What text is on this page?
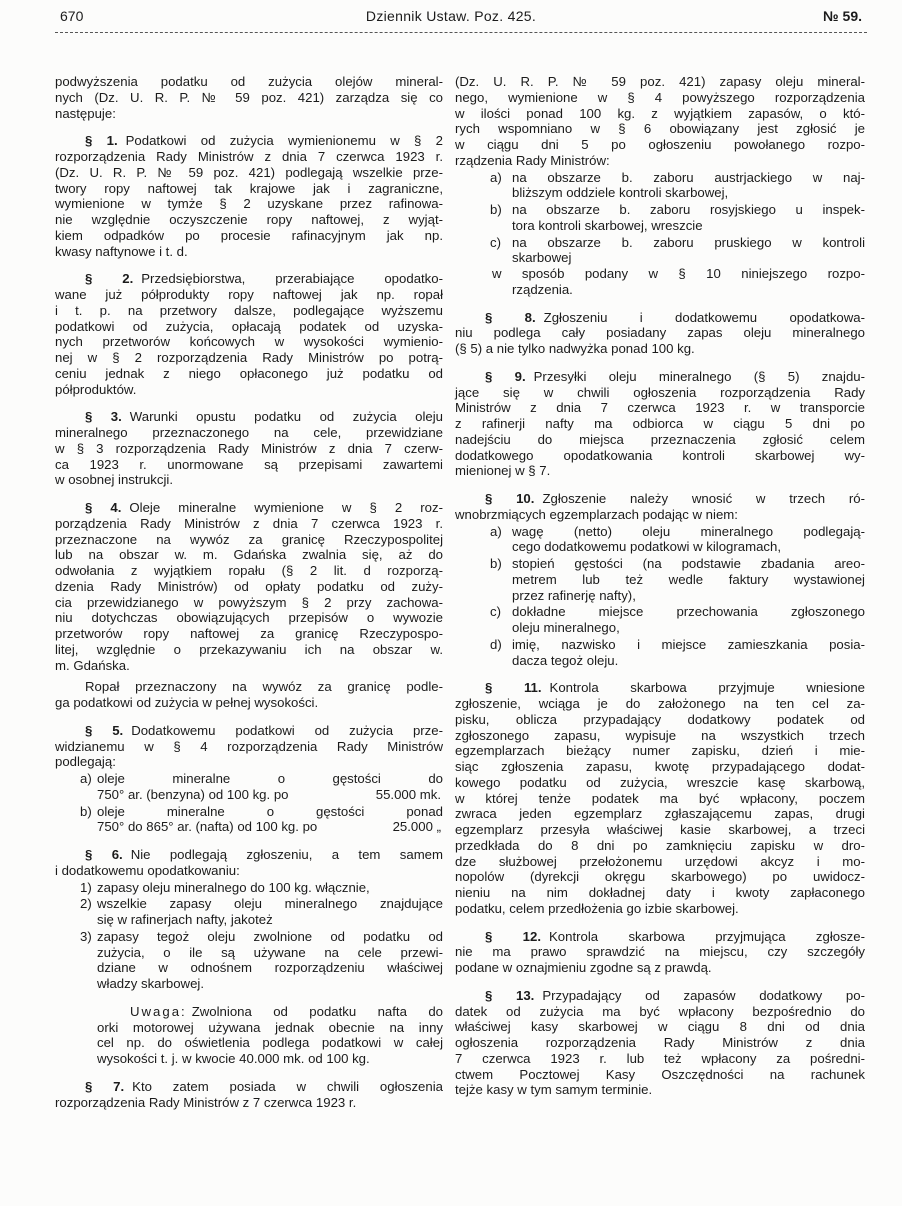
670	Dziennik Ustaw. Poz. 425.	№ 59.
podwyższenia podatku od zużycia olejów mineral-
nych (Dz. U. R. P. № 59 poz. 421) zarządza się co
następuje:
§ 1. Podatkowi od zużycia wymienionemu w § 2
rozporządzenia Rady Ministrów z dnia 7 czerwca 1923 r.
(Dz. U. R. P. № 59 poz. 421) podlegają wszelkie prze-
twory ropy naftowej tak krajowe jak i zagraniczne,
wymienione w tymże § 2 uzyskane przez rafinowa-
nie względnie oczyszczenie ropy naftowej, z wyjąt-
kiem odpadków po procesie rafinacyjnym jak np.
kwasy naftynowe i t. d.
§ 2. Przedsiębiorstwa, przerabiające opodatko-
wane już półprodukty ropy naftowej jak np. ropał
i t. p. na przetwory dalsze, podlegające wyższemu
podatkowi od zużycia, opłacają podatek od uzyska-
nych przetworów końcowych w wysokości wymienio-
nej w § 2 rozporządzenia Rady Ministrów po potrą-
ceniu jednak z niego opłaconego już podatku od
półproduktów.
§ 3. Warunki opustu podatku od zużycia oleju
mineralnego przeznaczonego na cele, przewidziane
w § 3 rozporządzenia Rady Ministrów z dnia 7 czerw-
ca 1923 r. unormowane są przepisami zawartemi
w osobnej instrukcji.
§ 4. Oleje mineralne wymienione w § 2 roz-
porządzenia Rady Ministrów z dnia 7 czerwca 1923 r.
przeznaczone na wywóz za granicę Rzeczypospolitej
lub na obszar w. m. Gdańska zwalnia się, aż do
odwołania z wyjątkiem ropału (§ 2 lit. d rozporzą-
dzenia Rady Ministrów) od opłaty podatku od zuży-
cia przewidzianego w powyższym § 2 przy zachowa-
niu dotychczas obowiązujących przepisów o wywozie
przetworów ropy naftowej za granicę Rzeczypospo-
litej, względnie o przekazywaniu ich na obszar w.
m. Gdańska.
Ropał przeznaczony na wywóz za granicę podle-
ga podatkowi od zużycia w pełnej wysokości.
§ 5. Dodatkowemu podatkowi od zużycia prze-
widzianemu w § 4 rozporządzenia Rady Ministrów
podlegają:
a) oleje mineralne o gęstości do
750° ar. (benzyna) od 100 kg. po	55.000 mk.
b) oleje mineralne o gęstości ponad
750° do 865° ar. (nafta) od 100 kg. po	25.000 „
§ 6. Nie podlegają zgłoszeniu, a tem samem
i dodatkowemu opodatkowaniu:
1) zapasy oleju mineralnego do 100 kg. włącznie,
2) wszelkie zapasy oleju mineralnego znajdujące
się w rafinerjach nafty, jakoteż
3) zapasy tegoż oleju zwolnione od podatku od
zużycia, o ile są używane na cele przewi-
dziane w odnośnem rozporządzeniu właściwej
władzy skarbowej.
Uwaga: Zwolniona od podatku nafta do
orki motorowej używana jednak obecnie na inny
cel np. do oświetlenia podlega podatkowi w całej
wysokości t. j. w kwocie 40.000 mk. od 100 kg.
§ 7. Kto zatem posiada w chwili ogłoszenia
rozporządzenia Rady Ministrów z 7 czerwca 1923 r.
(Dz. U. R. P. № 59 poz. 421) zapasy oleju mineral-
nego, wymienione w § 4 powyższego rozporządzenia
w ilości ponad 100 kg. z wyjątkiem zapasów, o któ-
rych wspomniano w § 6 obowiązany jest zgłosić je
w ciągu dni 5 po ogłoszeniu powołanego rozpo-
rządzenia Rady Ministrów:
a) na obszarze b. zaboru austrjackiego w naj-
bliższym oddziele kontroli skarbowej,
b) na obszarze b. zaboru rosyjskiego u inspek-
tora kontroli skarbowej, wreszcie
c) na obszarze b. zaboru pruskiego w kontroli
skarbowej
w sposób podany w § 10 niniejszego rozpo-
rządzenia.
§ 8. Zgłoszeniu i dodatkowemu opodatkowa-
niu podlega cały posiadany zapas oleju mineralnego
(§ 5) a nie tylko nadwyżka ponad 100 kg.
§ 9. Przesyłki oleju mineralnego (§ 5) znajdu-
jące się w chwili ogłoszenia rozporządzenia Rady
Ministrów z dnia 7 czerwca 1923 r. w transporcie
z rafinerji nafty ma odbiorca w ciągu 5 dni po
nadejściu do miejsca przeznaczenia zgłosić celem
dodatkowego opodatkowania kontroli skarbowej wy-
mienionej w § 7.
§ 10. Zgłoszenie należy wnosić w trzech ró-
wnobrzmiących egzemplarzach podając w niem:
a) wagę (netto) oleju mineralnego podlegają-
cego dodatkowemu podatkowi w kilogramach,
b) stopień gęstości (na podstawie zbadania areo-
metrem lub też wedle faktury wystawionej
przez rafinerję nafty),
c) dokładne miejsce przechowania zgłoszonego
oleju mineralnego,
d) imię, nazwisko i miejsce zamieszkania posia-
dacza tegoż oleju.
§ 11. Kontrola skarbowa przyjmuje wniesione
zgłoszenie, wciąga je do założonego na ten cel za-
pisku, oblicza przypadający dodatkowy podatek od
zgłoszonego zapasu, wypisuje na wszystkich trzech
egzemplarzach bieżący numer zapisku, dzień i mie-
siąc zgłoszenia zapasu, kwotę przypadającego dodat-
kowego podatku od zużycia, wreszcie kasę skarbową,
w której tenże podatek ma być wpłacony, poczem
zwraca jeden egzemplarz zgłaszającemu zapas, drugi
egzemplarz przesyła właściwej kasie skarbowej, a trzeci
przedkłada do 8 dni po zamknięciu zapisku w dro-
dze służbowej przełożonemu urzędowi akcyz i mo-
nopolów (dyrekcji okręgu skarbowego) po uwidocz-
nieniu na nim dokładnej daty i kwoty zapłaconego
podatku, celem przedłożenia go izbie skarbowej.
§ 12. Kontrola skarbowa przyjmująca zgłosze-
nie ma prawo sprawdzić na miejscu, czy szczegóły
podane w oznajmieniu zgodne są z prawdą.
§ 13. Przypadający od zapasów dodatkowy po-
datek od zużycia ma być wpłacony bezpośrednio do
właściwej kasy skarbowej w ciągu 8 dni od dnia
ogłoszenia rozporządzenia Rady Ministrów z dnia
7 czerwca 1923 r. lub też wpłacony za pośredni-
ctwem Pocztowej Kasy Oszczędności na rachunek
tejże kasy w tym samym terminie.
